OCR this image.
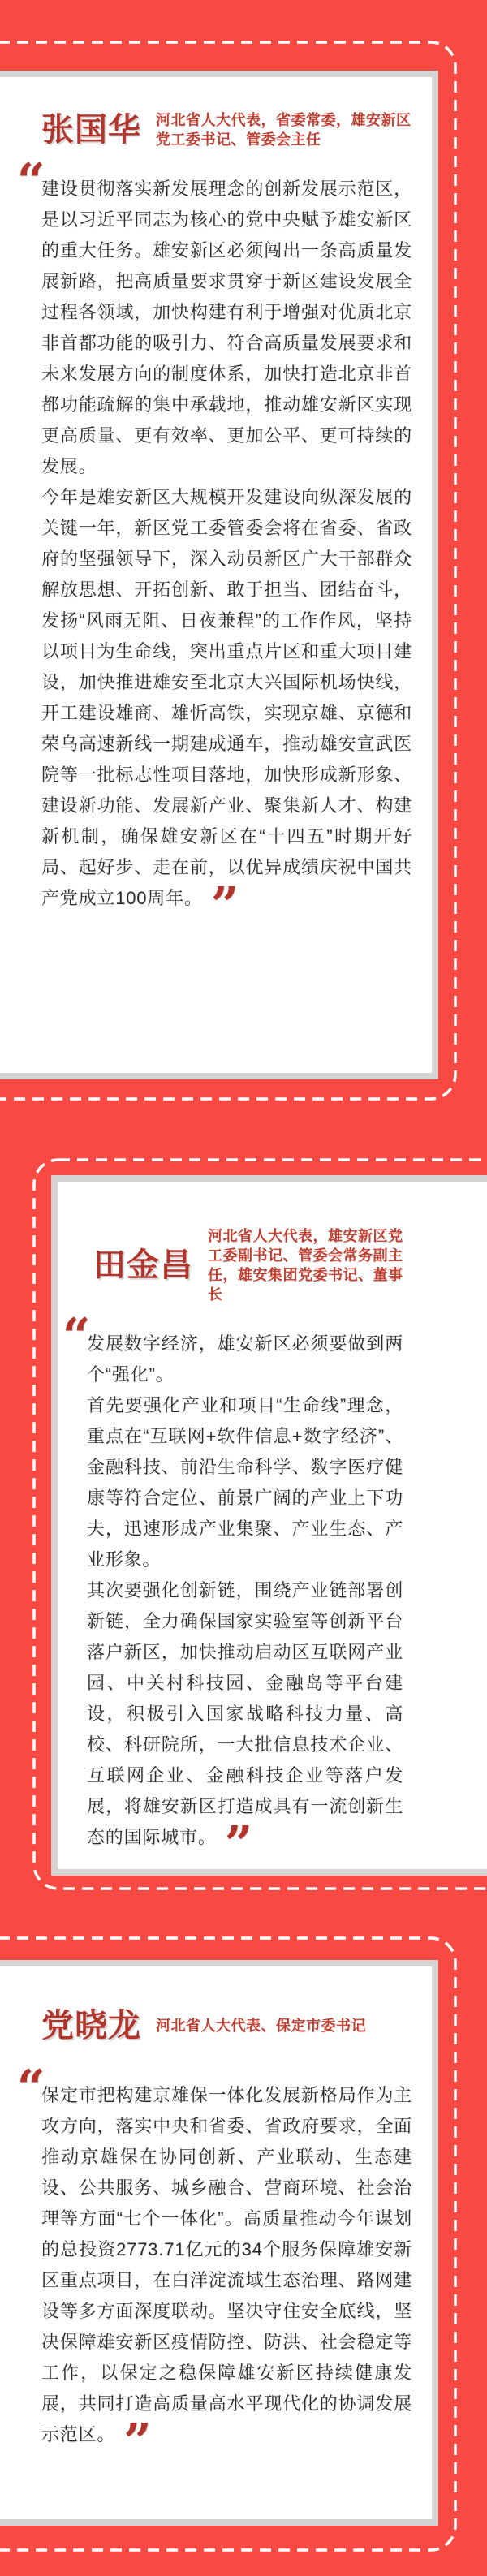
张国华 河北省人大代表，省委常委，雄安新区党工委书记、管委会主任

“

建设贯彻落实新发展理念的创新发展示范区，是以习近平同志为核心的党中央赋予雄安新区的重大任务。雄安新区必须闯出一条高质量发展新路，把高质量要求贯穿于新区建设发展全过程各领域，加快构建有利于增强对优质北京非首都功能的吸引力、符合高质量发展要求和未来发展方向的制度体系，加快打造北京非首都功能疏解的集中承载地，推动雄安新区实现更高质量、更有效率、更加公平、更可持续的发展。

今年是雄安新区大规模开发建设向纵深发展的关键一年，新区党工委管委会将在省委、省政府的坚强领导下，深入动员新区广大干部群众解放思想、开拓创新、敢于担当、团结奋斗，发扬“风雨无阻、日夜兼程”的工作作风，坚持以项目为生命线，突出重点片区和重大项目建设，加快推进雄安至北京大兴国际机场快线，开工建设雄商、雄忻高铁，实现京雄、京德和荣乌高速新线一期建成通车，推动雄安宣武医院等一批标志性项目落地，加快形成新形象、建设新功能、发展新产业、聚集新人才、构建新机制，确保雄安新区在“十四五”时期开好局、起好步、走在前，以优异成绩庆祝中国共产党成立100周年。 ”

田金昌

河北省人大代表，雄安新区党工委副书记、管委会常务副主任，雄安集团党委书记、董事长

“

发展数字经济，雄安新区必须要做到两个“强化”。

首先要强化产业和项目“生命线”理念，重点在“互联网+软件信息+数字经济”、金融科技、前沿生命科学、数字医疗健康等符合定位、前景广阔的产业上下功夫，迅速形成产业集聚、产业生态、产业形象。

其次要强化创新链，围绕产业链部署创新链，全力确保国家实验室等创新平台落户新区，加快推动启动区互联网产业园、中关村科技园、金融岛等平台建设，积极引入国家战略科技力量、高校、科研院所，一大批信息技术企业、互联网企业、金融科技企业等落户发展，将雄安新区打造成具有一流创新生态的国际城市。 ”

党晓龙 河北省人大代表、保定市委书记

“

保定市把构建京雄保一体化发展新格局作为主攻方向，落实中央和省委、省政府要求，全面推动京雄保在协同创新、产业联动、生态建设、公共服务、城乡融合、营商环境、社会治理等方面“七个一体化”。高质量推动今年谋划的总投资2773.71亿元的34个服务保障雄安新区重点项目，在白洋淀流域生态治理、路网建设等多方面深度联动。坚决守住安全底线，坚决保障雄安新区疫情防控、防洪、社会稳定等工作，以保定之稳保障雄安新区持续健康发展，共同打造高质量高水平现代化的协调发展示范区。 ”
